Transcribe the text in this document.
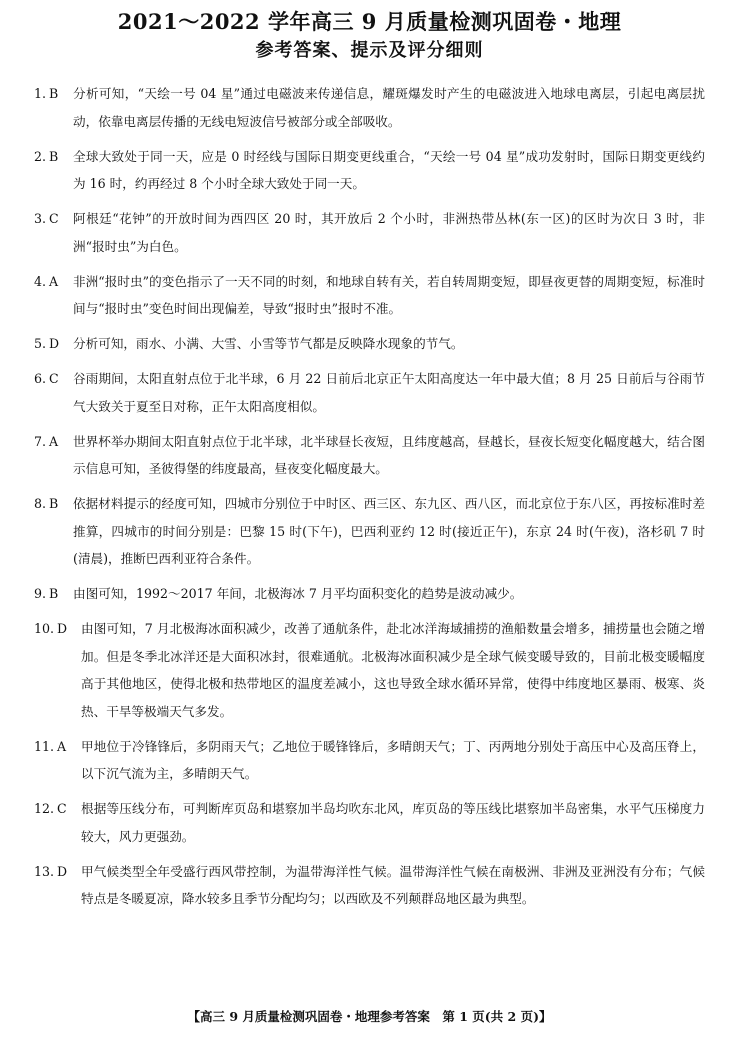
2021～2022 学年高三 9 月质量检测巩固卷・地理
参考答案、提示及评分细则
1. B	分析可知，“天绘一号 04 星”通过电磁波来传递信息，耀斑爆发时产生的电磁波进入地球电离层，引起电离层扰动，依靠电离层传播的无线电短波信号被部分或全部吸收。
2. B	全球大致处于同一天，应是 0 时经线与国际日期变更线重合，“天绘一号 04 星”成功发射时，国际日期变更线约为 16 时，约再经过 8 个小时全球大致处于同一天。
3. C	阿根廷“花钟”的开放时间为西四区 20 时，其开放后 2 个小时，非洲热带丛林(东一区)的区时为次日 3 时，非洲“报时虫”为白色。
4. A	非洲“报时虫”的变色指示了一天不同的时刻，和地球自转有关，若自转周期变短，即昼夜更替的周期变短，标准时间与“报时虫”变色时间出现偏差，导致“报时虫”报时不准。
5. D	分析可知，雨水、小满、大雪、小雪等节气都是反映降水现象的节气。
6. C	谷雨期间，太阳直射点位于北半球，6 月 22 日前后北京正午太阳高度达一年中最大值；8 月 25 日前后与谷雨节气大致关于夏至日对称，正午太阳高度相似。
7. A	世界杯举办期间太阳直射点位于北半球，北半球昼长夜短，且纬度越高，昼越长，昼夜长短变化幅度越大，结合图示信息可知，圣彼得堡的纬度最高，昼夜变化幅度最大。
8. B	依据材料提示的经度可知，四城市分别位于中时区、西三区、东九区、西八区，而北京位于东八区，再按标准时差推算，四城市的时间分别是：巴黎 15 时(下午)，巴西利亚约 12 时(接近正午)，东京 24 时(午夜)，洛杉矶 7 时(清晨)，推断巴西利亚符合条件。
9. B	由图可知，1992～2017 年间，北极海冰 7 月平均面积变化的趋势是波动减少。
10. D	由图可知，7 月北极海冰面积减少，改善了通航条件，赴北冰洋海域捕捞的渔船数量会增多，捕捞量也会随之增加。但是冬季北冰洋还是大面积冰封，很难通航。北极海冰面积减少是全球气候变暖导致的，目前北极变暖幅度高于其他地区，使得北极和热带地区的温度差减小，这也导致全球水循环异常，使得中纬度地区暴雨、极寒、炎热、干旱等极端天气多发。
11. A	甲地位于冷锋锋后，多阴雨天气；乙地位于暖锋锋后，多晴朗天气；丁、丙两地分别处于高压中心及高压脊上，以下沉气流为主，多晴朗天气。
12. C	根据等压线分布，可判断库页岛和堪察加半岛均吹东北风，库页岛的等压线比堪察加半岛密集，水平气压梯度力较大，风力更强劲。
13. D	甲气候类型全年受盛行西风带控制，为温带海洋性气候。温带海洋性气候在南极洲、非洲及亚洲没有分布；气候特点是冬暖夏凉，降水较多且季节分配均匀；以西欧及不列颠群岛地区最为典型。
【高三 9 月质量检测巩固卷・地理参考答案　第 1 页(共 2 页)】
